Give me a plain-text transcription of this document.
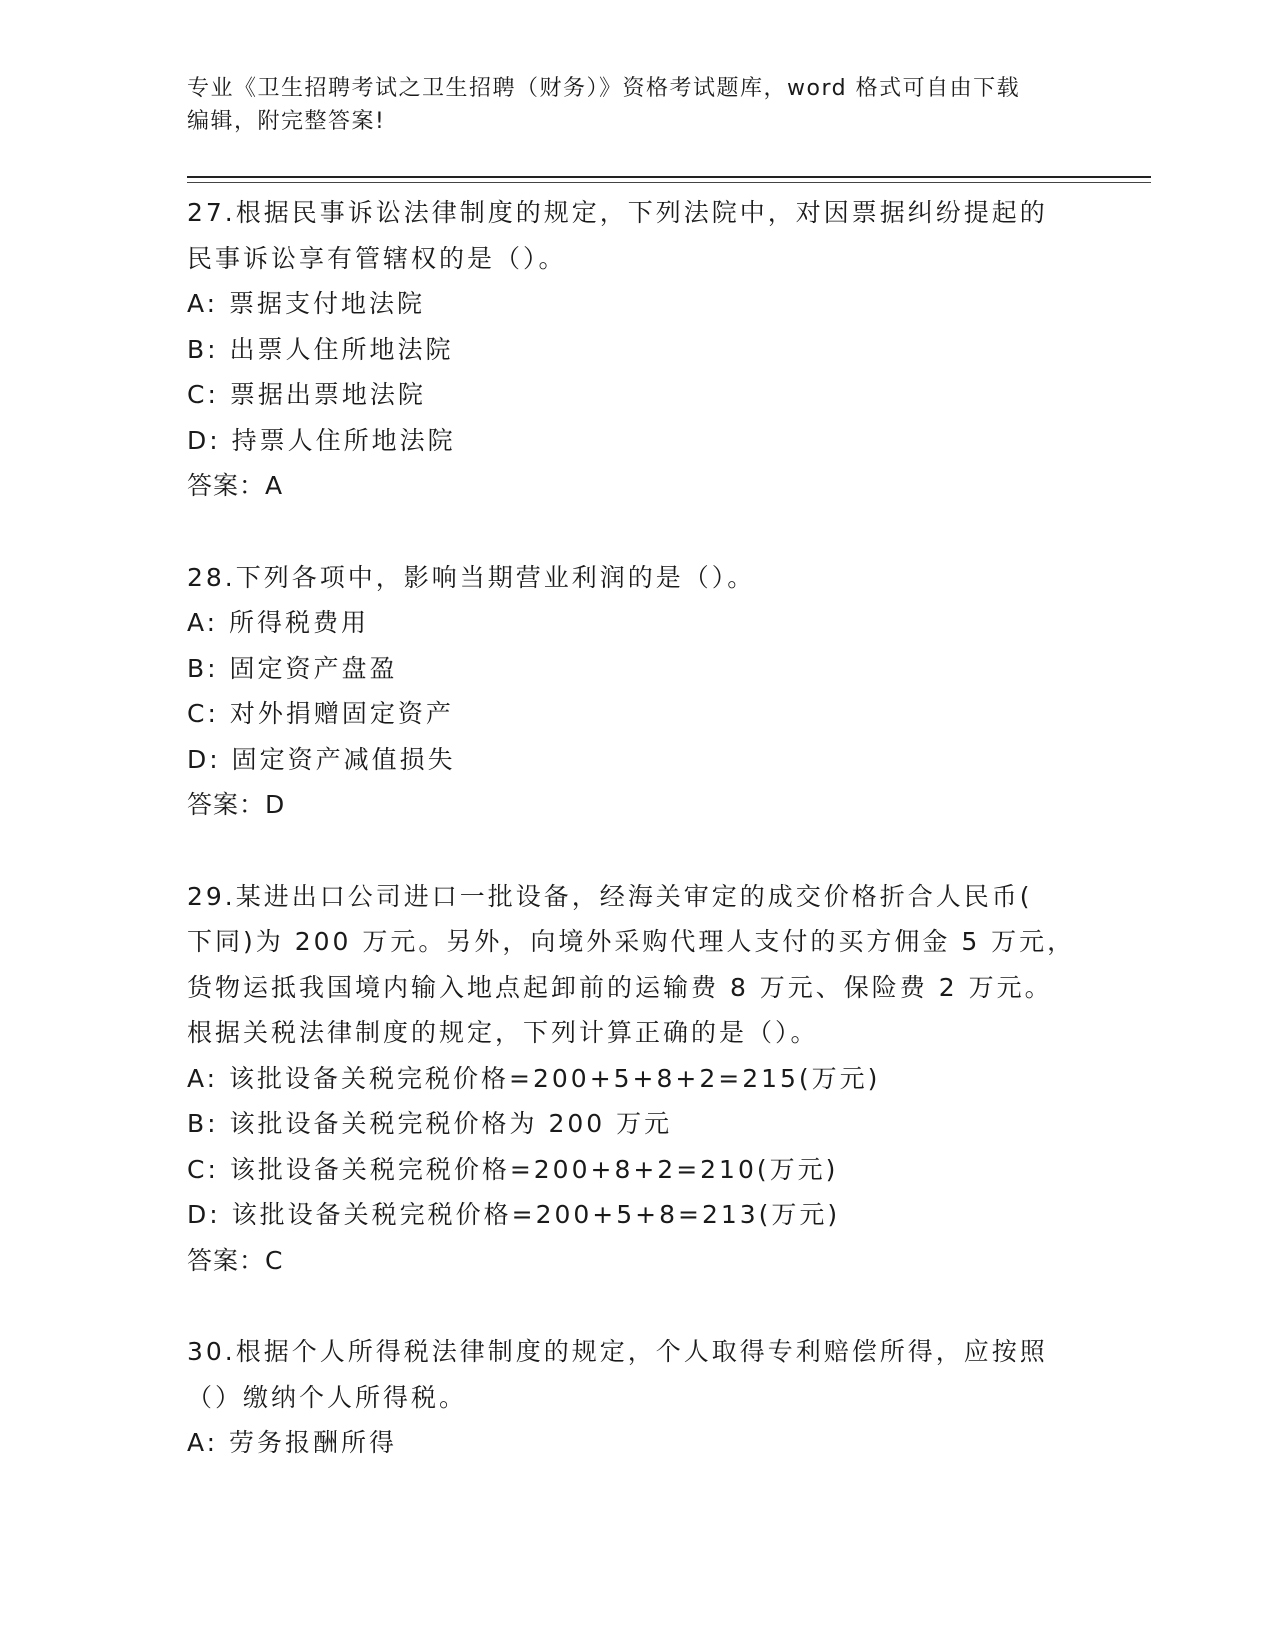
专业《卫生招聘考试之卫生招聘（财务）》资格考试题库，word 格式可自由下载
编辑，附完整答案!
27.根据民事诉讼法律制度的规定，下列法院中，对因票据纠纷提起的
民事诉讼享有管辖权的是（）。
A: 票据支付地法院
B: 出票人住所地法院
C: 票据出票地法院
D: 持票人住所地法院
答案：A
28.下列各项中，影响当期营业利润的是（）。
A: 所得税费用
B: 固定资产盘盈
C: 对外捐赠固定资产
D: 固定资产减值损失
答案：D
29.某进出口公司进口一批设备，经海关审定的成交价格折合人民币(
下同)为 200 万元。另外，向境外采购代理人支付的买方佣金 5 万元，
货物运抵我国境内输入地点起卸前的运输费 8 万元、保险费 2 万元。
根据关税法律制度的规定，下列计算正确的是（）。
A: 该批设备关税完税价格=200+5+8+2=215(万元)
B: 该批设备关税完税价格为 200 万元
C: 该批设备关税完税价格=200+8+2=210(万元)
D: 该批设备关税完税价格=200+5+8=213(万元)
答案：C
30.根据个人所得税法律制度的规定，个人取得专利赔偿所得，应按照
（）缴纳个人所得税。
A: 劳务报酬所得
